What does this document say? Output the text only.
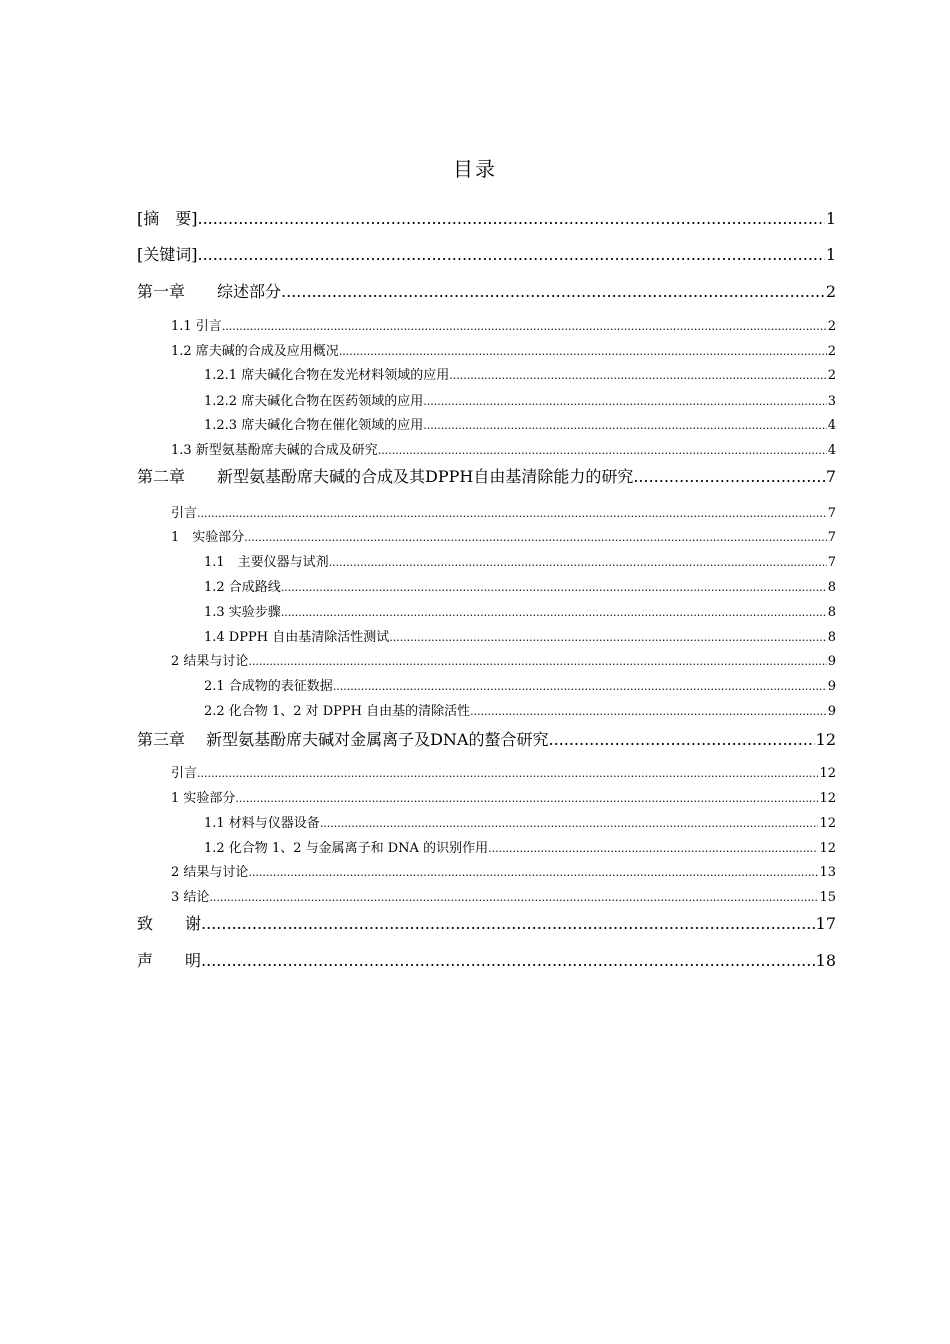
目录
[摘　要] .....	1
[关键词] .....	1
第一章　　综述部分 .....	2
1.1 引言 .....	2
1.2 席夫碱的合成及应用概况 .....	2
1.2.1 席夫碱化合物在发光材料领域的应用 .....	2
1.2.2 席夫碱化合物在医药领域的应用 .....	3
1.2.3 席夫碱化合物在催化领域的应用 .....	4
1.3 新型氨基酚席夫碱的合成及研究 .....	4
第二章　　新型氨基酚席夫碱的合成及其DPPH自由基清除能力的研究 .....	7
引言 .....	7
1　实验部分 .....	7
1.1　主要仪器与试剂 .....	7
1.2 合成路线 .....	8
1.3 实验步骤 .....	8
1.4 DPPH 自由基清除活性测试 .....	8
2 结果与讨论 .....	9
2.1 合成物的表征数据 .....	9
2.2 化合物 1、2 对 DPPH 自由基的清除活性 .....	9
第三章　 新型氨基酚席夫碱对金属离子及DNA的螯合研究 .....	12
引言 .....	12
1 实验部分 .....	12
1.1 材料与仪器设备 .....	12
1.2 化合物 1、2 与金属离子和 DNA 的识别作用 .....	12
2 结果与讨论 .....	13
3 结论 .....	15
致　　谢 .....	17
声　　明 .....	18
